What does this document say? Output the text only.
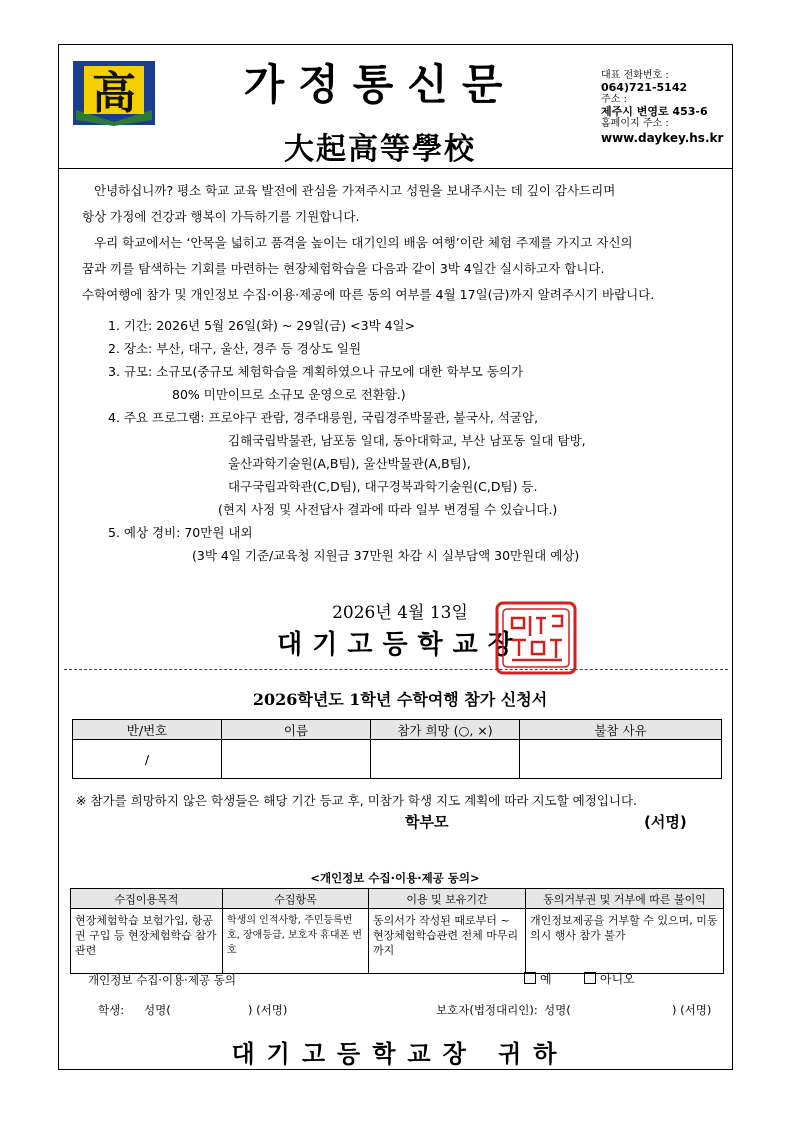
高	가정통신문
大起高等學校
대표 전화번호 :
064)721-5142
주소 :
제주시 변영로 453-6
홈페이지 주소 :
www.daykey.hs.kr

안녕하십니까? 평소 학교 교육 발전에 관심을 가져주시고 성원을 보내주시는 데 깊이 감사드리며

항상 가정에 건강과 행복이 가득하기를 기원합니다.

우리 학교에서는 ‘안목을 넓히고 품격을 높이는 대기인의 배움 여행’이란 체험 주제를 가지고 자신의

꿈과 끼를 탐색하는 기회를 마련하는 현장체험학습을 다음과 같이 3박 4일간 실시하고자 합니다.

수학여행에 참가 및 개인정보 수집·이용·제공에 따른 동의 여부를 4월 17일(금)까지 알려주시기 바랍니다.

1. 기간: 2026년 5월 26일(화) ~ 29일(금) <3박 4일>
2. 장소: 부산, 대구, 울산, 경주 등 경상도 일원
3. 규모: 소규모(중규모 체험학습을 계획하였으나 규모에 대한 학부모 동의가
80% 미만이므로 소규모 운영으로 전환함.)
4. 주요 프로그램: 프로야구 관람, 경주대릉원, 국립경주박물관, 불국사, 석굴암,
김해국립박물관, 남포동 일대, 동아대학교, 부산 남포동 일대 탐방,
울산과학기술원(A,B팀), 울산박물관(A,B팀),
대구국립과학관(C,D팀), 대구경북과학기술원(C,D팀) 등.
(현지 사정 및 사전답사 결과에 따라 일부 변경될 수 있습니다.)
5. 예상 경비: 70만원 내외
(3박 4일 기준/교육청 지원금 37만원 차감 시 실부담액 30만원대 예상)
2026년 4월 13일
대기고등학교장
2026학년도 1학년 수학여행 참가 신청서
반/번호	이름	참가 희망 (○, ×)	불참 사유
/			
※ 참가를 희망하지 않은 학생들은 해당 기간 등교 후, 미참가 학생 지도 계획에 따라 지도할 예정입니다.
학부모	(서명)
<개인정보 수집·이용·제공 동의>
수집이용목적	수집항목	이용 및 보유기간	동의거부권 및 거부에 따른 불이익
현장체험학습 보험가입, 항공권 구입 등 현장체험학습 참가 관련	학생의 인적사항, 주민등록번호, 장애등급, 보호자 휴대폰 번호	동의서가 작성된 때로부터 ~ 현장체험학습관련 전체 마무리까지	개인정보제공을 거부할 수 있으며, 미동의시 행사 참가 불가
개인정보 수집·이용·제공 동의	예	아니오
학생: 성명(	) (서명)	보호자(법정대리인): 성명(	) (서명)
대기고등학교장 귀하
